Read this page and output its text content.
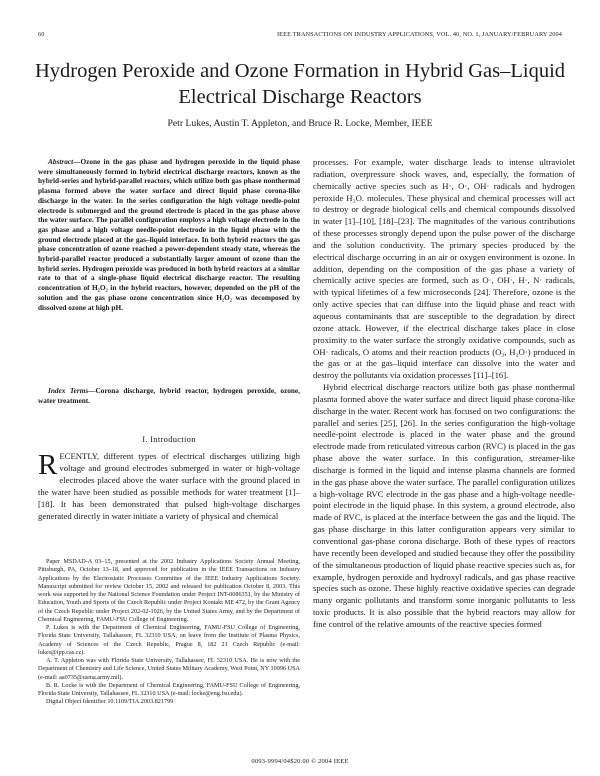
60	IEEE TRANSACTIONS ON INDUSTRY APPLICATIONS, VOL. 40, NO. 1, JANUARY/FEBRUARY 2004
Hydrogen Peroxide and Ozone Formation in Hybrid Gas–Liquid Electrical Discharge Reactors
Petr Lukes, Austin T. Appleton, and Bruce R. Locke, Member, IEEE

Abstract—Ozone in the gas phase and hydrogen peroxide in the liquid phase were simultaneously formed in hybrid electrical discharge reactors, known as the hybrid-series and hybrid-parallel reactors, which utilize both gas phase nonthermal plasma formed above the water surface and direct liquid phase corona-like discharge in the water. In the series configuration the high voltage needle-point electrode is submerged and the ground electrode is placed in the gas phase above the water surface. The parallel configuration employs a high voltage electrode in the gas phase and a high voltage needle-point electrode in the liquid phase with the ground electrode placed at the gas–liquid interface. In both hybrid reactors the gas phase concentration of ozone reached a power-dependent steady state, whereas the hybrid-parallel reactor produced a substantially larger amount of ozone than the hybrid series. Hydrogen peroxide was produced in both hybrid reactors at a similar rate to that of a single-phase liquid electrical discharge reactor. The resulting concentration of H₂O₂ in the hybrid reactors, however, depended on the pH of the solution and the gas phase ozone concentration since H₂O₂ was decomposed by dissolved ozone at high pH.

Index Terms—Corona discharge, hybrid reactor, hydrogen peroxide, ozone, water treatment.

I. Introduction

RECENTLY, different types of electrical discharges utilizing high voltage and ground electrodes submerged in water or high-voltage electrodes placed above the water surface with the ground placed in the water have been studied as possible methods for water treatment [1]–[18]. It has been demonstrated that pulsed high-voltage discharges generated directly in water initiate a variety of physical and chemical

Paper MSDAD-A 03–15, presented at the 2002 Industry Applications Society Annual Meeting, Pittsburgh, PA, October 13–18, and approved for publication in the IEEE Transactions on Industry Applications by the Electrostatic Processes Committee of the IEEE Industry Applications Society. Manuscript submitted for review October 15, 2002 and released for publication October 8, 2003. This work was supported by the National Science Foundation under Project INT-0086351, by the Ministry of Education, Youth and Sports of the Czech Republic under Project Kontakt ME 472, by the Grant Agency of the Czech Republic under Project 202-02-1026, by the United States Army, and by the Department of Chemical Engineering, FAMU-FSU College of Engineering.

P. Lukes is with the Department of Chemical Engineering, FAMU-FSU College of Engineering, Florida State University, Tallahassee, FL 32310 USA, on leave from the Institute of Plasma Physics, Academy of Sciences of the Czech Republic, Prague 8, 182 21 Czech Republic (e-mail: lukes@ipp.cas.cz).

A. T. Appleton was with Florida State University, Tallahassee, FL 32310 USA. He is now with the Department of Chemistry and Life Science, United States Military Academy, West Point, NY 10996 USA (e-mail: aa0735@usma.army.mil).

B. R. Locke is with the Department of Chemical Engineering, FAMU-FSU College of Engineering, Florida State University, Tallahassee, FL 32310 USA (e-mail: locke@eng.fsu.edu).

Digital Object Identifier 10.1109/TIA.2003.821799

processes. For example, water discharge leads to intense ultraviolet radiation, overpressure shock waves, and, especially, the formation of chemically active species such as H·, O·, OH· radicals and hydrogen peroxide H₂O. molecules. These physical and chemical processes will act to destroy or degrade biological cells and chemical compounds dissolved in water [1]–[10], [18]–[23]. The magnitudes of the various contributions of these processes strongly depend upon the pulse power of the discharge and the solution conductivity. The primary species produced by the electrical discharge occurring in an air or oxygen environment is ozone. In addition, depending on the composition of the gas phase a variety of chemically active species are formed, such as O·, OH·, H·, N· radicals, with typical lifetimes of a few microseconds [24]. Therefore, ozone is the only active species that can diffuse into the liquid phase and react with aqueous contaminants that are susceptible to the degradation by direct ozone attack. However, if the electrical discharge takes place in close proximity to the water surface the strongly oxidative compounds, such as OH· radicals, O atoms and their reaction products (O₃, H₂O·) produced in the gas or at the gas–liquid interface can dissolve into the water and destroy the pollutants via oxidation processes [11]–[16].

Hybrid electrical discharge reactors utilize both gas phase nonthermal plasma formed above the water surface and direct liquid phase corona-like discharge in the water. Recent work has focused on two configurations: the parallel and series [25], [26]. In the series configuration the high-voltage needle-point electrode is placed in the water phase and the ground electrode made from reticulated vitreous carbon (RVC) is placed in the gas phase above the water surface. In this configuration, streamer-like discharge is formed in the liquid and intense plasma channels are formed in the gas phase above the water surface. The parallel configuration utilizes a high-voltage RVC electrode in the gas phase and a high-voltage needle-point electrode in the liquid phase. In this system, a ground electrode, also made of RVC, is placed at the interface between the gas and the liquid. The gas phase discharge in this latter configuration appears very similar to conventional gas-phase corona discharge. Both of these types of reactors have recently been developed and studied because they offer the possibility of the simultaneous production of liquid phase reactive species such as, for example, hydrogen peroxide and hydroxyl radicals, and gas phase reactive species such as ozone. These highly reactive oxidative species can degrade many organic pollutants and transform some inorganic pollutants to less toxic products. It is also possible that the hybrid reactors may allow for fine control of the relative amounts of the reactive species formed

0093-9994/04$20.00 © 2004 IEEE
